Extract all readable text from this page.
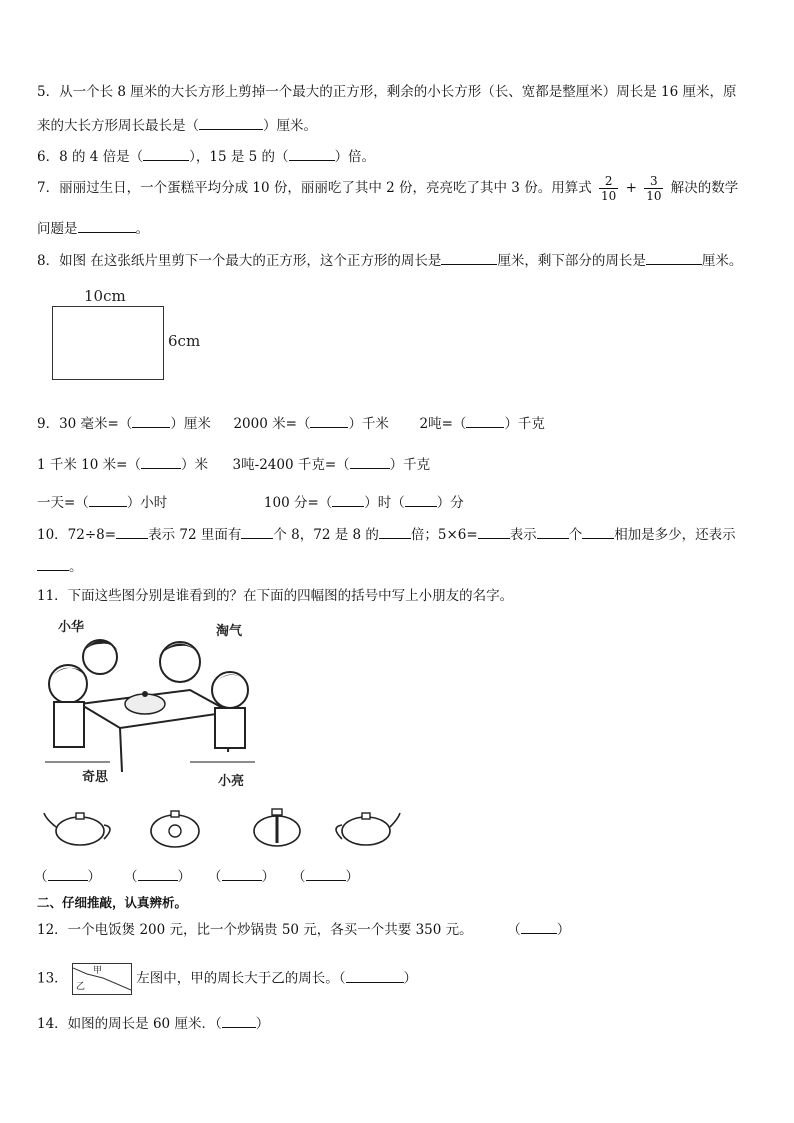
5．从一个长 8 厘米的大长方形上剪掉一个最大的正方形，剩余的小长方形（长、宽都是整厘米）周长是 16 厘米，原
来的大长方形周长最长是（	）厘米。
6．8 的 4 倍是（	），15 是 5 的（	）倍。
7．丽丽过生日，一个蛋糕平均分成 10 份，丽丽吃了其中 2 份，亮亮吃了其中 3 份。用算式 $\frac{2}{10} + \frac{3}{10}$ 解决的数学
问题是	。
8．如图 在这张纸片里剪下一个最大的正方形，这个正方形的周长是	厘米，剩下部分的周长是	厘米。
10cm
6cm
9．30 毫米=（	）厘米 2000 米=（	）千米 2吨=（	）千克
1 千米 10 米=（	）米 3吨-2400 千克=（	）千克
一天=（	）小时	100 分=（ ）时（ ）分
10．72÷8= 表示 72 里面有 个 8，72 是 8 的 倍；5×6= 表示 个 相加是多少，还表示
。
11．下面这些图分别是谁看到的？在下面的四幅图的括号中写上小朋友的名字。
小华	淘气
奇思	小亮
（	） （	） （	） （	）
二、仔细推敲，认真辨析。
12．一个电饭煲 200 元，比一个炒锅贵 50 元，各买一个共要 350 元。	（	）
13．	甲
乙
左图中，甲的周长大于乙的周长。（	）
14．如图的周长是 60 厘米．（	）
